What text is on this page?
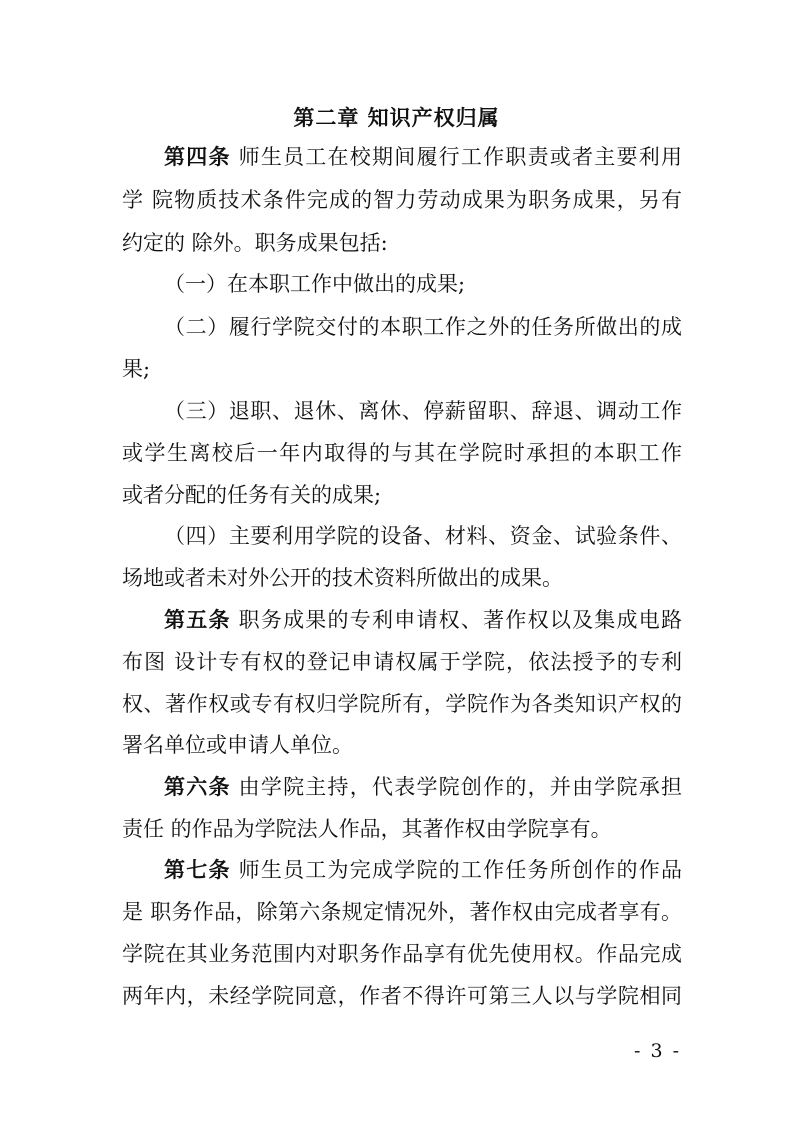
第二章 知识产权归属
第四条 师生员工在校期间履行工作职责或者主要利用
学 院物质技术条件完成的智力劳动成果为职务成果，另有
约定的 除外。职务成果包括:
（一）在本职工作中做出的成果;
（二）履行学院交付的本职工作之外的任务所做出的成
果;
（三）退职、退休、离休、停薪留职、辞退、调动工作
或学生离校后一年内取得的与其在学院时承担的本职工作
或者分配的任务有关的成果;
（四）主要利用学院的设备、材料、资金、试验条件、
场地或者未对外公开的技术资料所做出的成果。
第五条 职务成果的专利申请权、著作权以及集成电路
布图 设计专有权的登记申请权属于学院，依法授予的专利
权、著作权或专有权归学院所有，学院作为各类知识产权的
署名单位或申请人单位。
第六条 由学院主持，代表学院创作的，并由学院承担
责任 的作品为学院法人作品，其著作权由学院享有。
第七条 师生员工为完成学院的工作任务所创作的作品
是 职务作品，除第六条规定情况外，著作权由完成者享有。
学院在其业务范围内对职务作品享有优先使用权。作品完成
两年内，未经学院同意，作者不得许可第三人以与学院相同
- 3 -
